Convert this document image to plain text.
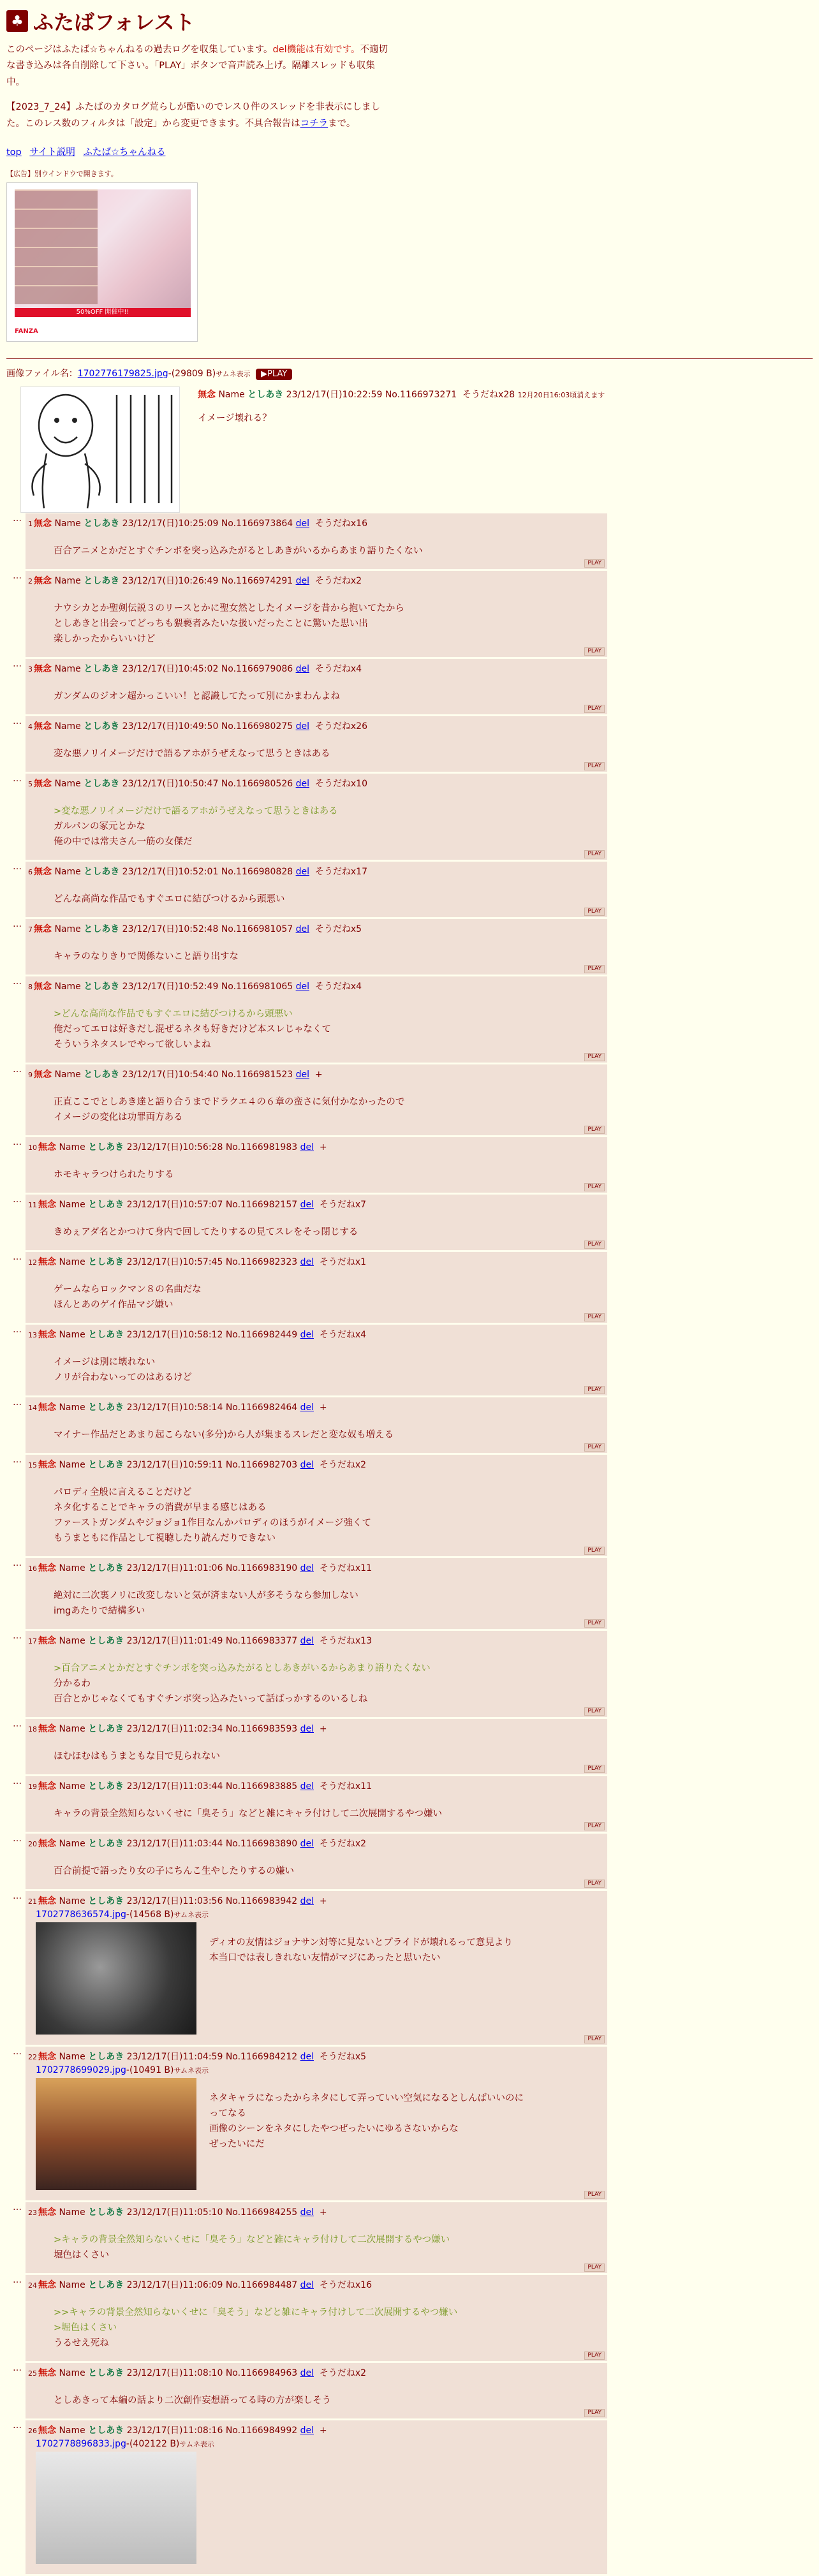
♣ ふたばフォレスト
このページはふたば☆ちゃんねるの過去ログを収集しています。del機能は有効です。不適切な書き込みは各自削除して下さい。「PLAY」ボタンで音声読み上げ。隔離スレッドも収集中。
【2023_7_24】ふたばのカタログ荒らしが酷いのでレス０件のスレッドを非表示にしました。このレス数のフィルタは「設定」から変更できます。不具合報告はコチラまで。
top サイト説明 ふたば☆ちゃんねる
【広告】別ウインドウで開きます。
50%OFF 開催中!!
FANZA
画像ファイル名：1702776179825.jpg-(29809 B)サムネ表示 ▶PLAY
無念 Name としあき 23/12/17(日)10:22:59 No.1166973271 そうだねx28 12月20日16:03頃消えます
イメージ壊れる？
…
1 無念 Name としあき 23/12/17(日)10:25:09 No.1166973864 del そうだねx16
百合アニメとかだとすぐチンポを突っ込みたがるとしあきがいるからあまり語りたくない
PLAY
…
2 無念 Name としあき 23/12/17(日)10:26:49 No.1166974291 del そうだねx2
ナウシカとか聖剣伝説３のリースとかに聖女然としたイメージを昔から抱いてたから
としあきと出会ってどっちも猥褻者みたいな扱いだったことに驚いた思い出
楽しかったからいいけど
PLAY
…
3 無念 Name としあき 23/12/17(日)10:45:02 No.1166979086 del そうだねx4
ガンダムのジオン超かっこいい！と認識してたって別にかまわんよね
PLAY
…
4 無念 Name としあき 23/12/17(日)10:49:50 No.1166980275 del そうだねx26
変な悪ノリイメージだけで語るアホがうぜえなって思うときはある
PLAY
…
5 無念 Name としあき 23/12/17(日)10:50:47 No.1166980526 del そうだねx10
>変な悪ノリイメージだけで語るアホがうぜえなって思うときはある
ガルパンの冢元とかな
俺の中では常夫さん一筋の女傑だ
PLAY
…
6 無念 Name としあき 23/12/17(日)10:52:01 No.1166980828 del そうだねx17
どんな高尚な作品でもすぐエロに結びつけるから頭悪い
PLAY
…
7 無念 Name としあき 23/12/17(日)10:52:48 No.1166981057 del そうだねx5
キャラのなりきりで関係ないこと語り出すな
PLAY
…
8 無念 Name としあき 23/12/17(日)10:52:49 No.1166981065 del そうだねx4
>どんな高尚な作品でもすぐエロに結びつけるから頭悪い
俺だってエロは好きだし混ぜるネタも好きだけど本スレじゃなくて
そういうネタスレでやって欲しいよね
PLAY
…
9 無念 Name としあき 23/12/17(日)10:54:40 No.1166981523 del +
正直ここでとしあき達と語り合うまでドラクエ４の６章の蛮さに気付かなかったので
イメージの変化は功罪両方ある
PLAY
…
10 無念 Name としあき 23/12/17(日)10:56:28 No.1166981983 del +
ホモキャラつけられたりする
PLAY
…
11 無念 Name としあき 23/12/17(日)10:57:07 No.1166982157 del そうだねx7
きめぇアダ名とかつけて身内で回してたりするの見てスレをそっ閉じする
PLAY
…
12 無念 Name としあき 23/12/17(日)10:57:45 No.1166982323 del そうだねx1
ゲームならロックマン８の名曲だな
ほんとあのゲイ作品マジ嫌い
PLAY
…
13 無念 Name としあき 23/12/17(日)10:58:12 No.1166982449 del そうだねx4
イメージは別に壊れない
ノリが合わないってのはあるけど
PLAY
…
14 無念 Name としあき 23/12/17(日)10:58:14 No.1166982464 del +
マイナー作品だとあまり起こらない(多分)から人が集まるスレだと変な奴も増える
PLAY
…
15 無念 Name としあき 23/12/17(日)10:59:11 No.1166982703 del そうだねx2
パロディ全般に言えることだけど
ネタ化することでキャラの消費が早まる感じはある
ファーストガンダムやジョジョ1作目なんかパロディのほうがイメージ強くて
もうまともに作品として視聴したり読んだりできない
PLAY
…
16 無念 Name としあき 23/12/17(日)11:01:06 No.1166983190 del そうだねx11
絶対に二次裏ノリに改変しないと気が済まない人が多そうなら参加しない
imgあたりで結構多い
PLAY
…
17 無念 Name としあき 23/12/17(日)11:01:49 No.1166983377 del そうだねx13
>百合アニメとかだとすぐチンポを突っ込みたがるとしあきがいるからあまり語りたくない
分かるわ
百合とかじゃなくてもすぐチンポ突っ込みたいって話ばっかするのいるしね
PLAY
…
18 無念 Name としあき 23/12/17(日)11:02:34 No.1166983593 del +
ほむほむはもうまともな目で見られない
PLAY
…
19 無念 Name としあき 23/12/17(日)11:03:44 No.1166983885 del そうだねx11
キャラの背景全然知らないくせに「臭そう」などと雑にキャラ付けして二次展開するやつ嫌い
PLAY
…
20 無念 Name としあき 23/12/17(日)11:03:44 No.1166983890 del そうだねx2
百合前提で語ったり女の子にちんこ生やしたりするの嫌い
PLAY
…
21 無念 Name としあき 23/12/17(日)11:03:56 No.1166983942 del +
1702778636574.jpg-(14568 B)サムネ表示
ディオの友情はジョナサン対等に見ないとプライドが壊れるって意見より
本当口では表しきれない友情がマジにあったと思いたい
PLAY
…
22 無念 Name としあき 23/12/17(日)11:04:59 No.1166984212 del そうだねx5
1702778699029.jpg-(10491 B)サムネ表示
ネタキャラになったからネタにして弄っていい空気になるとしんばいいのに
ってなる
画像のシーンをネタにしたやつぜったいにゆるさないからな
ぜったいにだ
PLAY
…
23 無念 Name としあき 23/12/17(日)11:05:10 No.1166984255 del +
>キャラの背景全然知らないくせに「臭そう」などと雑にキャラ付けして二次展開するやつ嫌い
堀色はくさい
PLAY
…
24 無念 Name としあき 23/12/17(日)11:06:09 No.1166984487 del そうだねx16
>>キャラの背景全然知らないくせに「臭そう」などと雑にキャラ付けして二次展開するやつ嫌い
>堀色はくさい
うるせえ死ね
PLAY
…
25 無念 Name としあき 23/12/17(日)11:08:10 No.1166984963 del そうだねx2
としあきって本編の話より二次創作妄想語ってる時の方が楽しそう
PLAY
…
26 無念 Name としあき 23/12/17(日)11:08:16 No.1166984992 del +
1702778896833.jpg-(402122 B)サムネ表示
